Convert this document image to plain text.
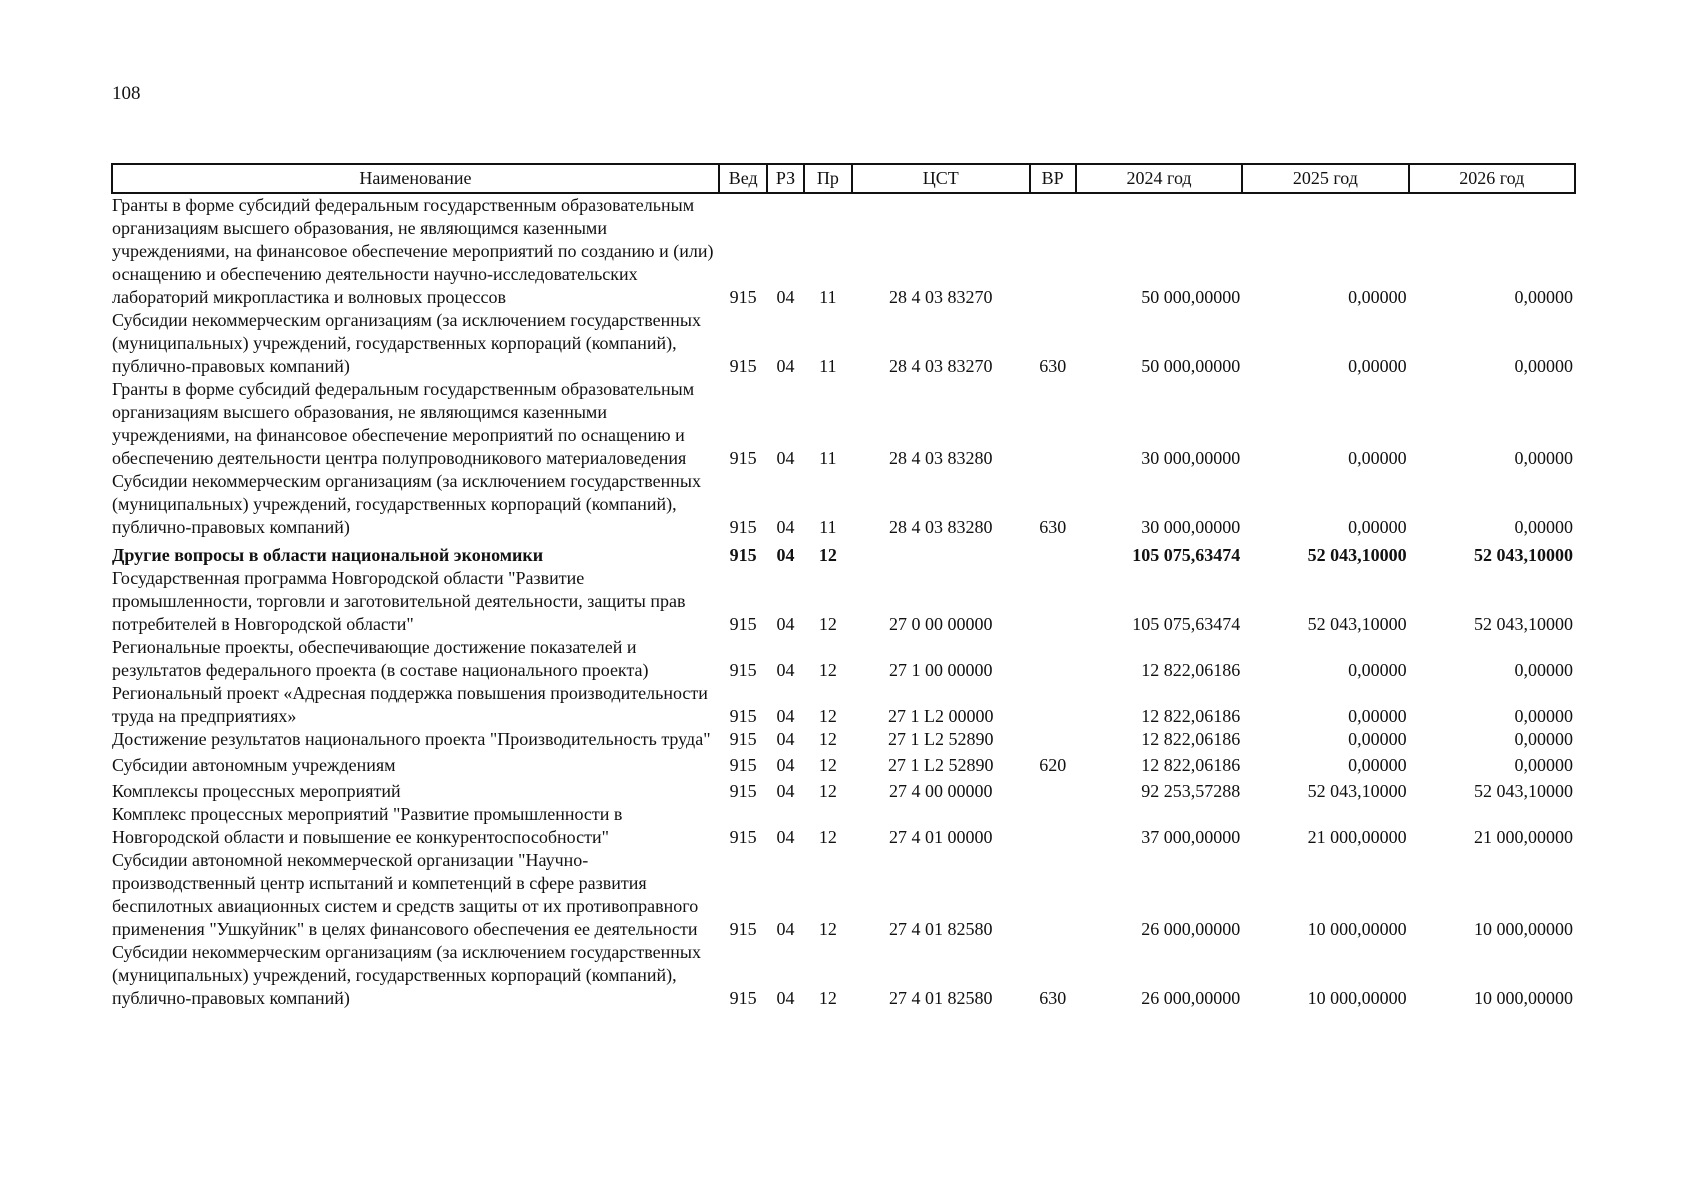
108
Наименование	Вед	РЗ	Пр	ЦСТ	ВР	2024 год	2025 год	2026 год
Гранты в форме субсидий федеральным государственным образовательным организациям высшего образования, не являющимся казенными учреждениями, на финансовое обеспечение мероприятий по созданию и (или) оснащению и обеспечению деятельности научно-исследовательских лабораторий микропластика и волновых процессов	915	04	11	28 4 03 83270		50 000,00000	0,00000	0,00000
Субсидии некоммерческим организациям (за исключением государственных (муниципальных) учреждений, государственных корпораций (компаний), публично-правовых компаний)	915	04	11	28 4 03 83270	630	50 000,00000	0,00000	0,00000
Гранты в форме субсидий федеральным государственным образовательным организациям высшего образования, не являющимся казенными учреждениями, на финансовое обеспечение мероприятий по оснащению и обеспечению деятельности центра полупроводникового материаловедения	915	04	11	28 4 03 83280		30 000,00000	0,00000	0,00000
Субсидии некоммерческим организациям (за исключением государственных (муниципальных) учреждений, государственных корпораций (компаний), публично-правовых компаний)	915	04	11	28 4 03 83280	630	30 000,00000	0,00000	0,00000
Другие вопросы в области национальной экономики	915	04	12			105 075,63474	52 043,10000	52 043,10000
Государственная программа Новгородской области "Развитие промышленности, торговли и заготовительной деятельности, защиты прав потребителей в Новгородской области"	915	04	12	27 0 00 00000		105 075,63474	52 043,10000	52 043,10000
Региональные проекты, обеспечивающие достижение показателей и результатов федерального проекта (в составе национального проекта)	915	04	12	27 1 00 00000		12 822,06186	0,00000	0,00000
Региональный проект «Адресная поддержка повышения производительности труда на предприятиях»	915	04	12	27 1 L2 00000		12 822,06186	0,00000	0,00000
Достижение результатов национального проекта "Производительность труда"	915	04	12	27 1 L2 52890		12 822,06186	0,00000	0,00000
Субсидии автономным учреждениям	915	04	12	27 1 L2 52890	620	12 822,06186	0,00000	0,00000
Комплексы процессных мероприятий	915	04	12	27 4 00 00000		92 253,57288	52 043,10000	52 043,10000
Комплекс процессных мероприятий "Развитие промышленности в Новгородской области и повышение ее конкурентоспособности"	915	04	12	27 4 01 00000		37 000,00000	21 000,00000	21 000,00000
Субсидии автономной некоммерческой организации "Научно-производственный центр испытаний и компетенций в сфере развития беспилотных авиационных систем и средств защиты от их противоправного применения "Ушкуйник" в целях финансового обеспечения ее деятельности	915	04	12	27 4 01 82580		26 000,00000	10 000,00000	10 000,00000
Субсидии некоммерческим организациям (за исключением государственных (муниципальных) учреждений, государственных корпораций (компаний), публично-правовых компаний)	915	04	12	27 4 01 82580	630	26 000,00000	10 000,00000	10 000,00000
